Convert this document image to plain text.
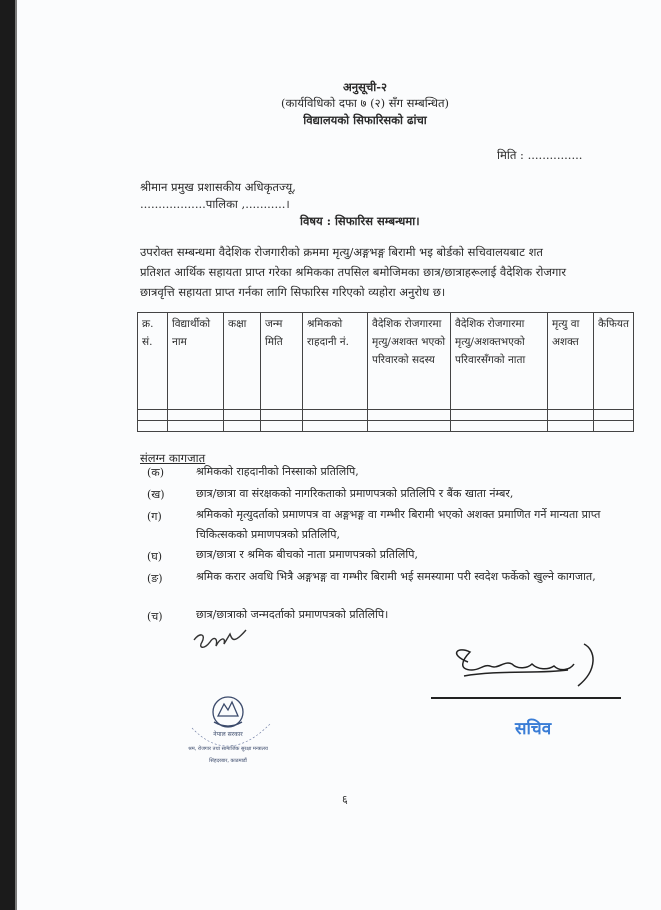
अनुसूची-२
(कार्यविधिको दफा ७ (२) सँग सम्बन्धित)
विद्यालयको सिफारिसको ढांचा
मिति : ...............
श्रीमान प्रमुख प्रशासकीय अधिकृतज्यू,
..................पालिका ,...........।
विषय : सिफारिस सम्बन्धमा।
उपरोक्त सम्बन्धमा वैदेशिक रोजगारीको क्रममा मृत्यु/अङ्गभङ्ग बिरामी भइ बोर्डको सचिवालयबाट शत
प्रतिशत आर्थिक सहायता प्राप्त गरेका श्रमिकका तपसिल बमोजिमका छात्र/छात्राहरूलाई वैदेशिक रोजगार
छात्रवृत्ति सहायता प्राप्त गर्नका लागि सिफारिस गरिएको व्यहोरा अनुरोध छ।
क्र. सं.	विद्यार्थीको नाम	कक्षा	जन्म मिति	श्रमिकको राहदानी नं.	वैदेशिक रोजगारमा मृत्यु/अशक्त भएको परिवारको सदस्य	वैदेशिक रोजगारमा मृत्यु/अशक्तभएको परिवारसँगको नाता	मृत्यु वा अशक्त	कैफियत

संलग्न कागजात
(क)	श्रमिकको राहदानीको निस्साको प्रतिलिपि,
(ख)	छात्र/छात्रा वा संरक्षकको नागरिकताको प्रमाणपत्रको प्रतिलिपि र बैंक खाता नंम्बर,
(ग)	श्रमिकको मृत्युदर्ताको प्रमाणपत्र वा अङ्गभङ्ग वा गम्भीर बिरामी भएको अशक्त प्रमाणित गर्ने मान्यता प्राप्त चिकित्सकको प्रमाणपत्रको प्रतिलिपि,
(घ)	छात्र/छात्रा र श्रमिक बीचको नाता प्रमाणपत्रको प्रतिलिपि,
(ङ)	श्रमिक करार अवधि भित्रै अङ्गभङ्ग वा गम्भीर बिरामी भई समस्यामा परी स्वदेश फर्केको खुल्ने कागजात,
(च)	छात्र/छात्राको जन्मदर्ताको प्रमाणपत्रको प्रतिलिपि।
नेपाल सरकार
श्रम, रोजगार तथा सामाजिक सुरक्षा मन्त्रालय
सिंहदरबार, काठमाडौं
सचिव
६
